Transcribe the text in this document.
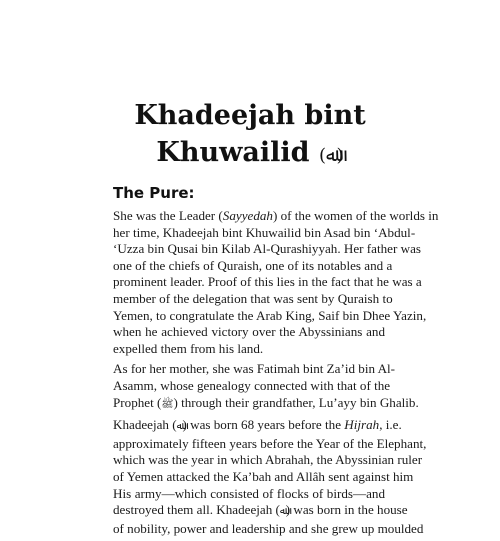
Khadeejah bint
Khuwailid (ﷲ)
The Pure:

She was the Leader (Sayyedah) of the women of the worlds in
her time, Khadeejah bint Khuwailid bin Asad bin ‘Abdul-
‘Uzza bin Qusai bin Kilab Al-Qurashiyyah. Her father was
one of the chiefs of Quraish, one of its notables and a
prominent leader. Proof of this lies in the fact that he was a
member of the delegation that was sent by Quraish to
Yemen, to congratulate the Arab King, Saif bin Dhee Yazin,
when he achieved victory over the Abyssinians and
expelled them from his land.

As for her mother, she was Fatimah bint Za’id bin Al-
Asamm, whose genealogy connected with that of the
Prophet (ﷺ) through their grandfather, Lu’ayy bin Ghalib.

Khadeejah (ﷲ) was born 68 years before the Hijrah, i.e.
approximately fifteen years before the Year of the Elephant,
which was the year in which Abrahah, the Abyssinian ruler
of Yemen attacked the Ka’bah and Allâh sent against him
His army—which consisted of flocks of birds—and
destroyed them all. Khadeejah (ﷲ) was born in the house
of nobility, power and leadership and she grew up moulded
